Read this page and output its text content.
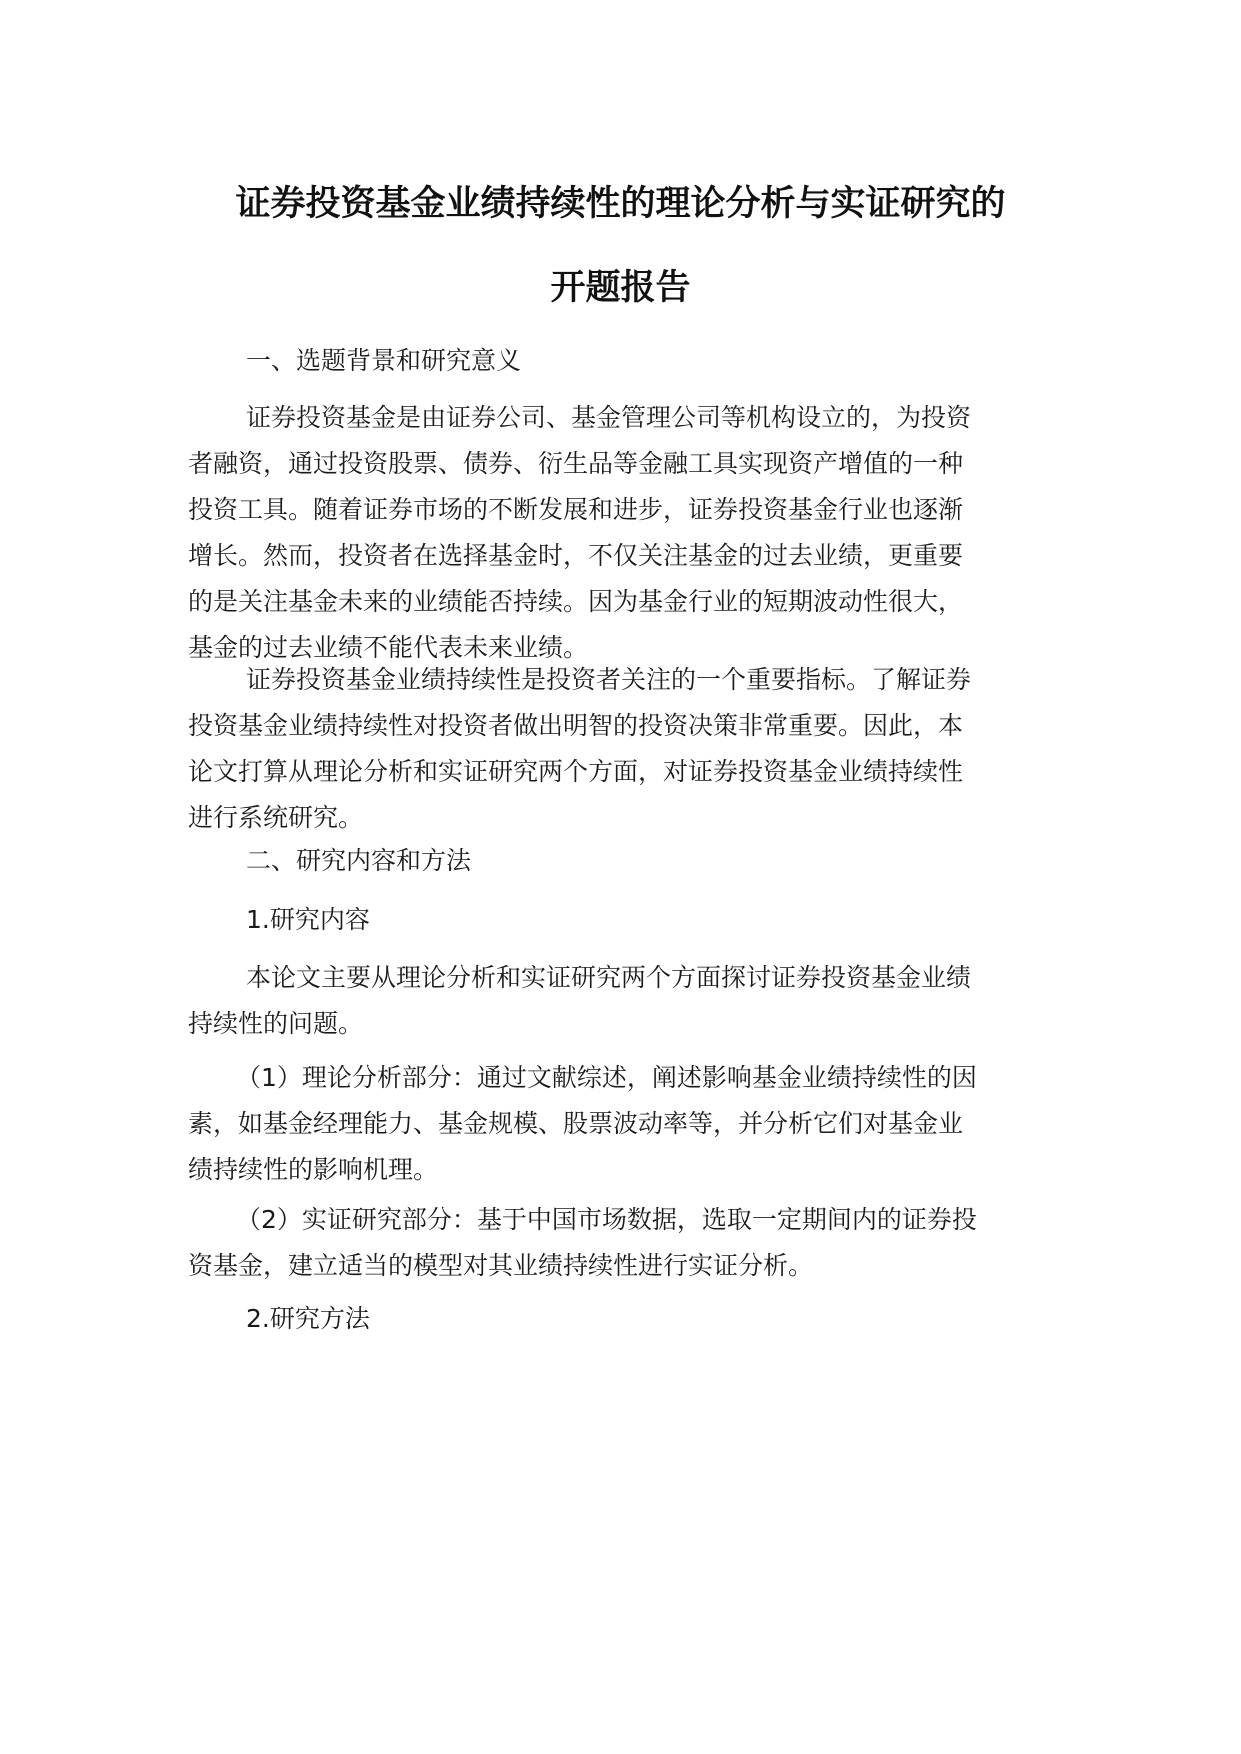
证券投资基金业绩持续性的理论分析与实证研究的
开题报告
一、选题背景和研究意义
证券投资基金是由证券公司、基金管理公司等机构设立的，为投资
者融资，通过投资股票、债券、衍生品等金融工具实现资产增值的一种
投资工具。随着证券市场的不断发展和进步，证券投资基金行业也逐渐
增长。然而，投资者在选择基金时，不仅关注基金的过去业绩，更重要
的是关注基金未来的业绩能否持续。因为基金行业的短期波动性很大，
基金的过去业绩不能代表未来业绩。
证券投资基金业绩持续性是投资者关注的一个重要指标。了解证券
投资基金业绩持续性对投资者做出明智的投资决策非常重要。因此，本
论文打算从理论分析和实证研究两个方面，对证券投资基金业绩持续性
进行系统研究。
二、研究内容和方法
1.研究内容
本论文主要从理论分析和实证研究两个方面探讨证券投资基金业绩
持续性的问题。
（1）理论分析部分：通过文献综述，阐述影响基金业绩持续性的因
素，如基金经理能力、基金规模、股票波动率等，并分析它们对基金业
绩持续性的影响机理。
（2）实证研究部分：基于中国市场数据，选取一定期间内的证券投
资基金，建立适当的模型对其业绩持续性进行实证分析。
2.研究方法
